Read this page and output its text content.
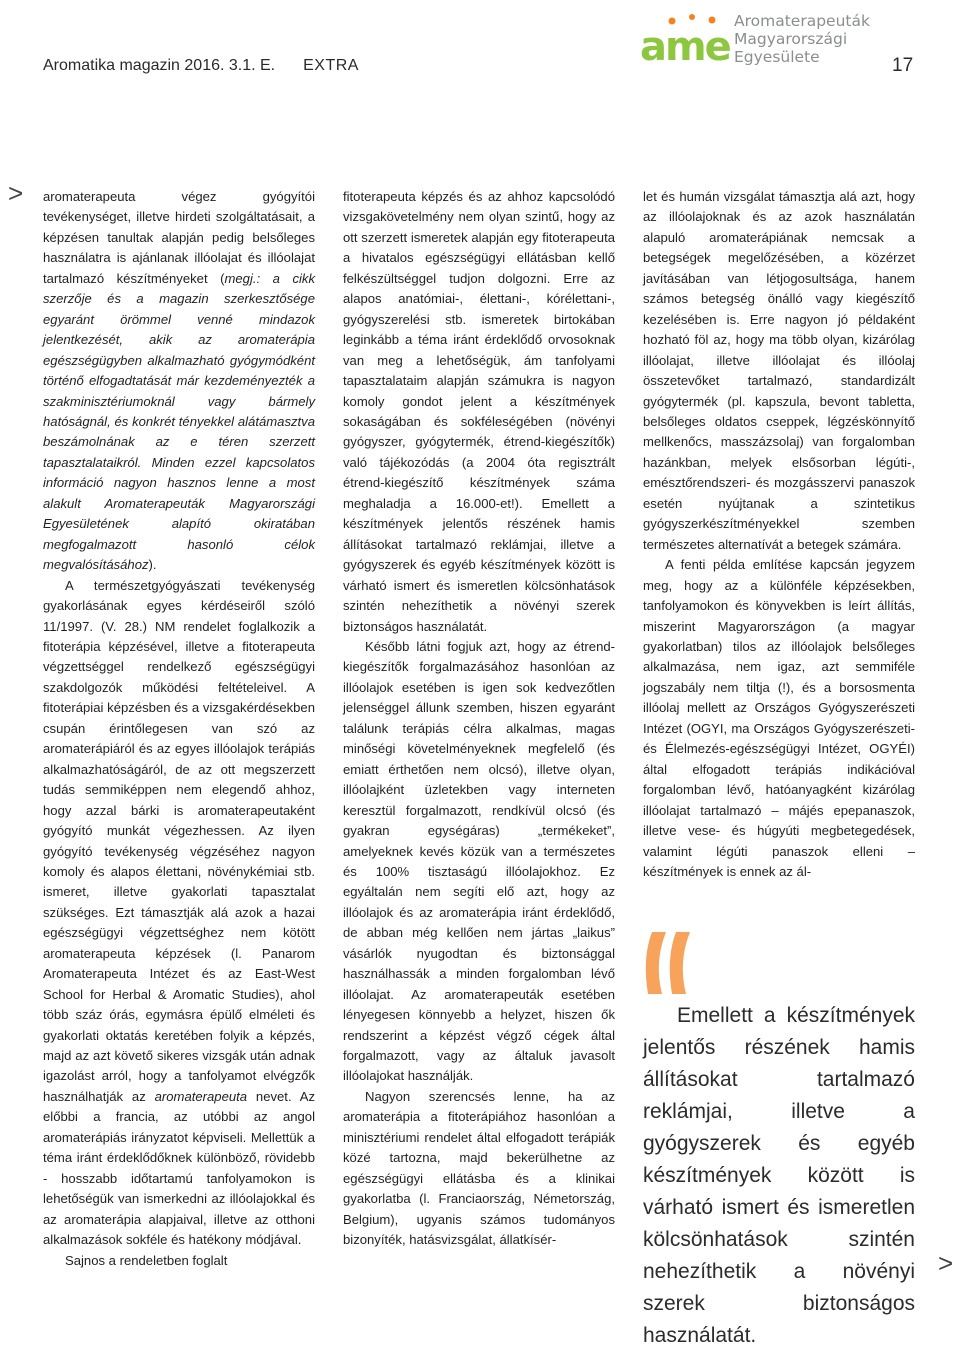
Aromatika magazin 2016. 3.1. E. EXTRA	17
ame
Aromaterapeuták
Magyarországi
Egyesülete
>
>

aromaterapeuta végez gyógyítói tevékenységet, illetve hirdeti szolgáltatásait, a képzésen tanultak alapján pedig belsőleges használatra is ajánlanak illóolajat és illóolajat tartalmazó készítményeket (megj.: a cikk szerzője és a magazin szerkesztősége egyaránt örömmel venné mindazok jelentkezését, akik az aromaterápia egészségügyben alkalmazható gyógymódként történő elfogadtatását már kezdeményezték a szakminisztériumoknál vagy bármely hatóságnál, és konkrét tényekkel alátámasztva beszámolnának az e téren szerzett tapasztalataikról. Minden ezzel kapcsolatos információ nagyon hasznos lenne a most alakult Aromaterapeuták Magyarországi Egyesületének alapító okiratában megfogalmazott hasonló célok megvalósításához).

A természetgyógyászati tevékenység gyakorlásának egyes kérdéseiről szóló 11/1997. (V. 28.) NM rendelet foglalkozik a fitoterápia képzésével, illetve a fitoterapeuta végzettséggel rendelkező egészségügyi szakdolgozók működési feltételeivel. A fitoterápiai képzésben és a vizsgakérdésekben csupán érintőlegesen van szó az aromaterápiáról és az egyes illóolajok terápiás alkalmazhatóságáról, de az ott megszerzett tudás semmiképpen nem elegendő ahhoz, hogy azzal bárki is aromaterapeutaként gyógyító munkát végezhessen. Az ilyen gyógyító tevékenység végzéséhez nagyon komoly és alapos élettani, növénykémiai stb. ismeret, illetve gyakorlati tapasztalat szükséges. Ezt támasztják alá azok a hazai egészségügyi végzettséghez nem kötött aromaterapeuta képzések (l. Panarom Aromaterapeuta Intézet és az East-West School for Herbal & Aromatic Studies), ahol több száz órás, egymásra épülő elméleti és gyakorlati oktatás keretében folyik a képzés, majd az azt követő sikeres vizsgák után adnak igazolást arról, hogy a tanfolyamot elvégzők használhatják az aromaterapeuta nevet. Az előbbi a francia, az utóbbi az angol aromaterápiás irányzatot képviseli. Mellettük a téma iránt érdeklődőknek különböző, rövidebb - hosszabb időtartamú tanfolyamokon is lehetőségük van ismerkedni az illóolajokkal és az aromaterápia alapjaival, illetve az otthoni alkalmazások sokféle és hatékony módjával.

Sajnos a rendeletben foglalt

fitoterapeuta képzés és az ahhoz kapcsolódó vizsgakövetelmény nem olyan szintű, hogy az ott szerzett ismeretek alapján egy fitoterapeuta a hivatalos egészségügyi ellátásban kellő felkészültséggel tudjon dolgozni. Erre az alapos anatómiai-, élettani-, kórélettani-, gyógyszerelési stb. ismeretek birtokában leginkább a téma iránt érdeklődő orvosoknak van meg a lehetőségük, ám tanfolyami tapasztalataim alapján számukra is nagyon komoly gondot jelent a készítmények sokaságában és sokféleségében (növényi gyógyszer, gyógytermék, étrend-kiegészítők) való tájékozódás (a 2004 óta regisztrált étrend-kiegészítő készítmények száma meghaladja a 16.000-et!). Emellett a készítmények jelentős részének hamis állításokat tartalmazó reklámjai, illetve a gyógyszerek és egyéb készítmények között is várható ismert és ismeretlen kölcsönhatások szintén nehezíthetik a növényi szerek biztonságos használatát.

Később látni fogjuk azt, hogy az étrend-kiegészítők forgalmazásához hasonlóan az illóolajok esetében is igen sok kedvezőtlen jelenséggel állunk szemben, hiszen egyaránt találunk terápiás célra alkalmas, magas minőségi követelményeknek megfelelő (és emiatt érthetően nem olcsó), illetve olyan, illóolajként üzletekben vagy interneten keresztül forgalmazott, rendkívül olcsó (és gyakran egységáras) „termékeket”, amelyeknek kevés közük van a természetes és 100% tisztaságú illóolajokhoz. Ez egyáltalán nem segíti elő azt, hogy az illóolajok és az aromaterápia iránt érdeklődő, de abban még kellően nem jártas „laikus” vásárlók nyugodtan és biztonsággal használhassák a minden forgalomban lévő illóolajat. Az aromaterapeuták esetében lényegesen könnyebb a helyzet, hiszen ők rendszerint a képzést végző cégek által forgalmazott, vagy az általuk javasolt illóolajokat használják.

Nagyon szerencsés lenne, ha az aromaterápia a fitoterápiához hasonlóan a minisztériumi rendelet által elfogadott terápiák közé tartozna, majd bekerülhetne az egészségügyi ellátásba és a klinikai gyakorlatba (l. Franciaország, Németország, Belgium), ugyanis számos tudományos bizonyíték, hatásvizsgálat, állatkísér-

let és humán vizsgálat támasztja alá azt, hogy az illóolajoknak és az azok használatán alapuló aromaterápiának nemcsak a betegségek megelőzésében, a közérzet javításában van létjogosultsága, hanem számos betegség önálló vagy kiegészítő kezelésében is. Erre nagyon jó példaként hozható föl az, hogy ma több olyan, kizárólag illóolajat, illetve illóolajat és illóolaj összetevőket tartalmazó, standardizált gyógytermék (pl. kapszula, bevont tabletta, belsőleges oldatos cseppek, légzéskönnyítő mellkenőcs, masszázsolaj) van forgalomban hazánkban, melyek elsősorban légúti-, emésztőrendszeri- és mozgásszervi panaszok esetén nyújtanak a szintetikus gyógyszerkészítményekkel szemben természetes alternatívát a betegek számára.

A fenti példa említése kapcsán jegyzem meg, hogy az a különféle képzésekben, tanfolyamokon és könyvekben is leírt állítás, miszerint Magyarországon (a magyar gyakorlatban) tilos az illóolajok belsőleges alkalmazása, nem igaz, azt semmiféle jogszabály nem tiltja (!), és a borsosmenta illóolaj mellett az Országos Gyógyszerészeti Intézet (OGYI, ma Országos Gyógyszerészeti- és Élelmezés-egészségügyi Intézet, OGYÉI) által elfogadott terápiás indikációval forgalomban lévő, hatóanyagként kizárólag illóolajat tartalmazó – májés epepanaszok, illetve vese- és húgyúti megbetegedések, valamint légúti panaszok elleni – készítmények is ennek az ál-

Emellett a készítmények jelentős részének hamis állításokat tartalmazó reklámjai, illetve a gyógyszerek és egyéb készítmények között is várható ismert és ismeretlen kölcsönhatások szintén nehezíthetik a növényi szerek biztonságos használatát.
